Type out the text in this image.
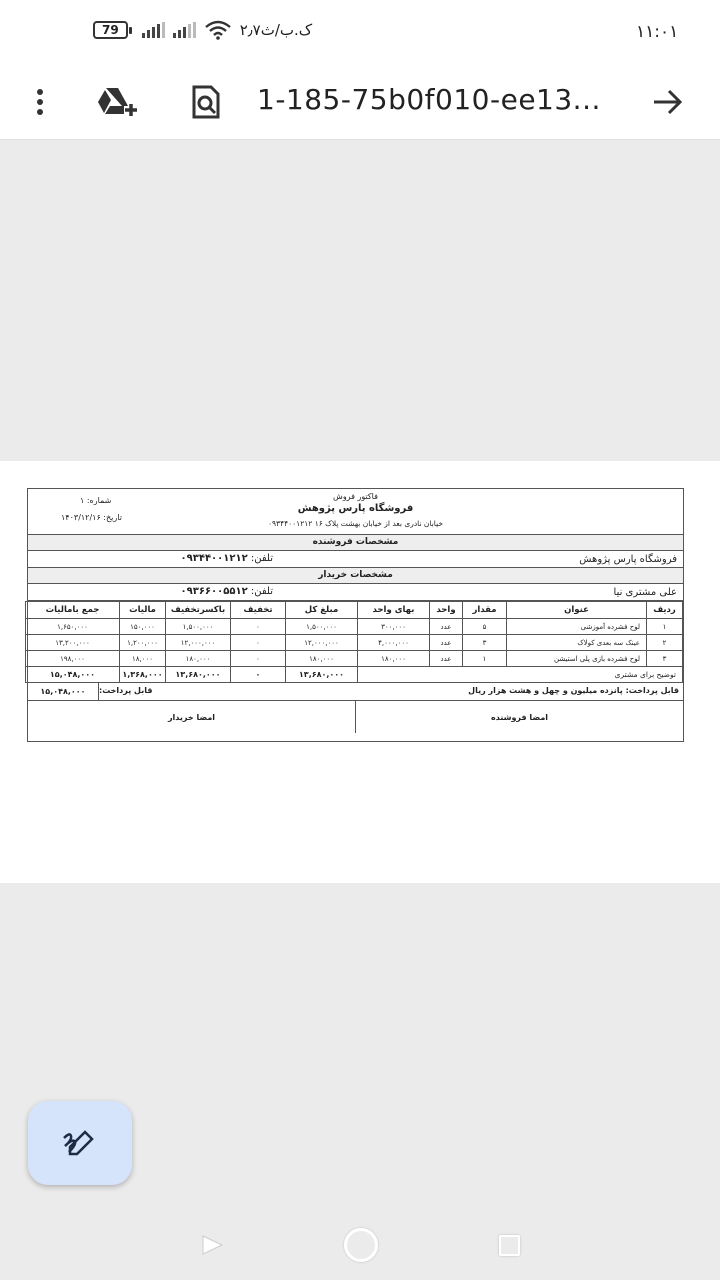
79	۲٫۷ک.ب/ث	۱۱:۰۱
1-185-75b0f010-ee13...
فاکتور فروش
فروشگاه پارس پژوهش
خیابان نادری بعد از خیابان بهشت پلاک ۱۶ ۰۹۳۴۴۰۰۱۲۱۲
شماره: ۱
تاریخ: ۱۴۰۳/۱۲/۱۶
مشخصات فروشنده
فروشگاه پارس پژوهش
تلفن: ۰۹۳۴۴۰۰۱۲۱۲
مشخصات خریدار
علی مشتری نیا
تلفن: ۰۹۳۶۶۰۰۵۵۱۲
ردیف	عنوان	مقدار	واحد	بهای واحد	مبلغ کل	تخفیف	باکسرتخفیف	مالیات	جمع بامالیات
۱	لوح فشرده آموزشی	۵	عدد	۳۰۰,۰۰۰	۱,۵۰۰,۰۰۰	۰	۱,۵۰۰,۰۰۰	۱۵۰,۰۰۰	۱,۶۵۰,۰۰۰
۲	عینک سه بعدی کولاک	۳	عدد	۴,۰۰۰,۰۰۰	۱۲,۰۰۰,۰۰۰	۰	۱۲,۰۰۰,۰۰۰	۱,۲۰۰,۰۰۰	۱۳,۲۰۰,۰۰۰
۳	لوح فشرده بازی پلی استیشن	۱	عدد	۱۸۰,۰۰۰	۱۸۰,۰۰۰	۰	۱۸۰,۰۰۰	۱۸,۰۰۰	۱۹۸,۰۰۰
توضیح برای مشتری					۱۳,۶۸۰,۰۰۰	۰	۱۳,۶۸۰,۰۰۰	۱,۳۶۸,۰۰۰	۱۵,۰۴۸,۰۰۰
قابل پرداخت: پانزده میلیون و چهل و هشت هزار ریال
قابل پرداخت:
۱۵,۰۴۸,۰۰۰
امضا فروشنده
امضا خریدار
